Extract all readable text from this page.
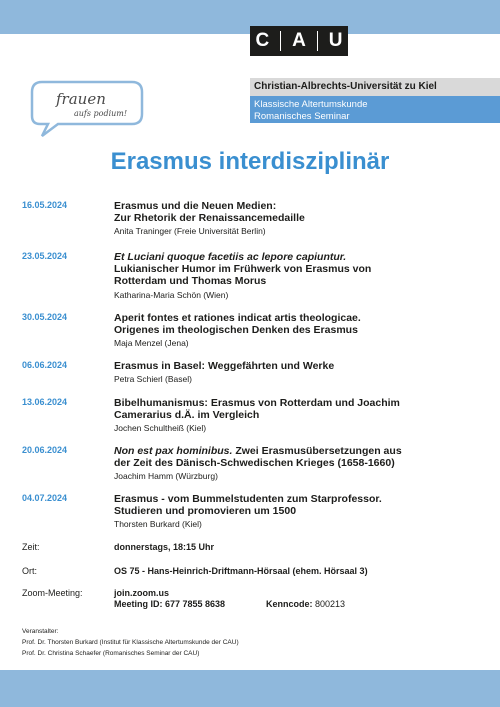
C A U
Christian-Albrechts-Universität zu Kiel
Klassische Altertumskunde
Romanisches Seminar
frauen
aufs podium!
Erasmus interdisziplinär
16.05.2024	Erasmus und die Neuen Medien:
Zur Rhetorik der Renaissancemedaille
Anita Traninger (Freie Universität Berlin)
23.05.2024	Et Luciani quoque facetiis ac lepore capiuntur.
Lukianischer Humor im Frühwerk von Erasmus von
Rotterdam und Thomas Morus
Katharina-Maria Schön (Wien)
30.05.2024	Aperit fontes et rationes indicat artis theologicae.
Origenes im theologischen Denken des Erasmus
Maja Menzel (Jena)
06.06.2024	Erasmus in Basel: Weggefährten und Werke
Petra Schierl (Basel)
13.06.2024	Bibelhumanismus: Erasmus von Rotterdam und Joachim
Camerarius d.Ä. im Vergleich
Jochen Schultheiß (Kiel)
20.06.2024	Non est pax hominibus. Zwei Erasmusübersetzungen aus
der Zeit des Dänisch-Schwedischen Krieges (1658-1660)
Joachim Hamm (Würzburg)
04.07.2024	Erasmus - vom Bummelstudenten zum Starprofessor.
Studieren und promovieren um 1500
Thorsten Burkard (Kiel)
Zeit:	donnerstags, 18:15 Uhr
Ort:	OS 75 - Hans-Heinrich-Driftmann-Hörsaal (ehem. Hörsaal 3)
Zoom-Meeting:	join.zoom.us
Meeting ID: 677 7855 8638	Kenncode: 800213
Veranstalter:
Prof. Dr. Thorsten Burkard (Institut für Klassische Altertumskunde der CAU)
Prof. Dr. Christina Schaefer (Romanisches Seminar der CAU)
